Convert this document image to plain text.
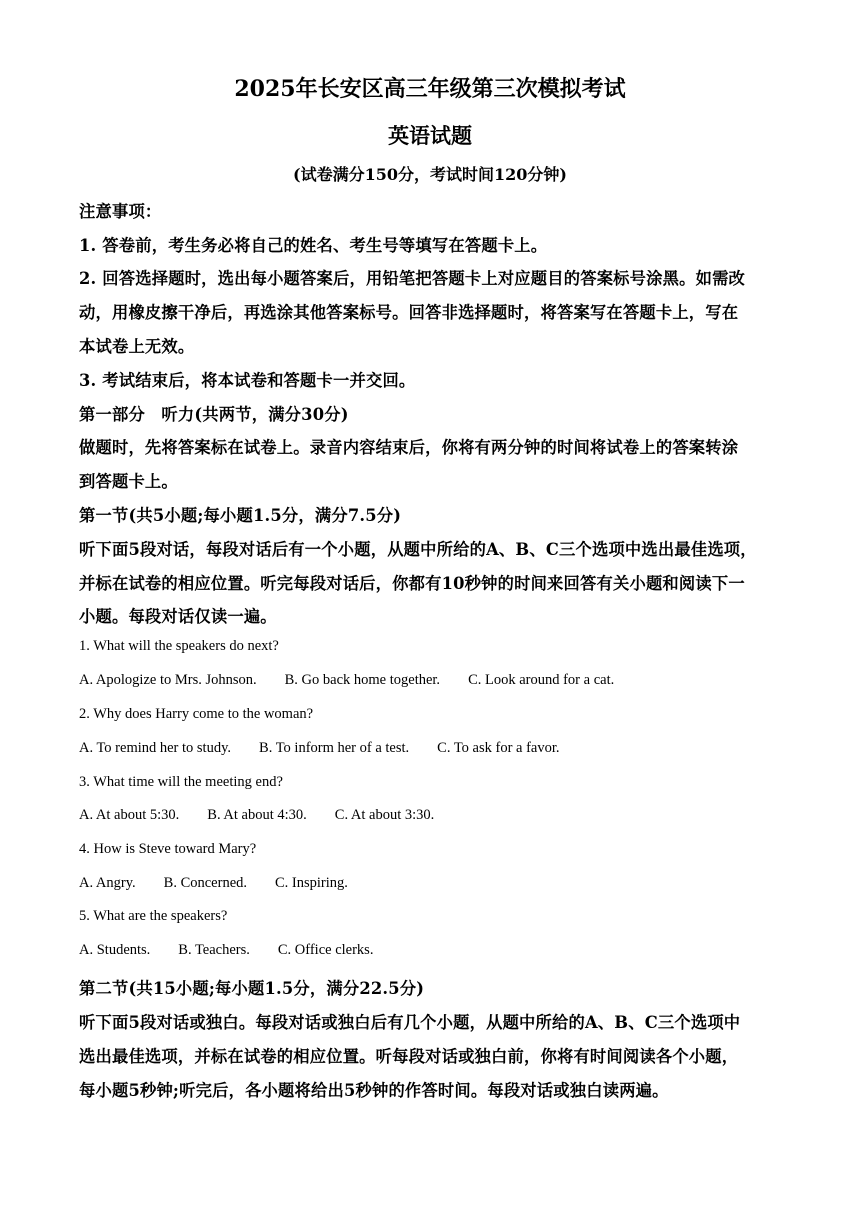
2025年长安区高三年级第三次模拟考试
英语试题
(试卷满分150分，考试时间120分钟)
注意事项：
1. 答卷前，考生务必将自己的姓名、考生号等填写在答题卡上。
2. 回答选择题时，选出每小题答案后，用铅笔把答题卡上对应题目的答案标号涂黑。如需改
动，用橡皮擦干净后，再选涂其他答案标号。回答非选择题时，将答案写在答题卡上，写在
本试卷上无效。
3. 考试结束后，将本试卷和答题卡一并交回。
第一部分　听力(共两节，满分30分)
做题时，先将答案标在试卷上。录音内容结束后，你将有两分钟的时间将试卷上的答案转涂
到答题卡上。
第一节(共5小题;每小题1.5分，满分7.5分)
听下面5段对话，每段对话后有一个小题，从题中所给的A、B、C三个选项中选出最佳选项，
并标在试卷的相应位置。听完每段对话后，你都有10秒钟的时间来回答有关小题和阅读下一
小题。每段对话仅读一遍。
1. What will the speakers do next?
A. Apologize to Mrs. Johnson. B. Go back home together. C. Look around for a cat.
2. Why does Harry come to the woman?
A. To remind her to study. B. To inform her of a test. C. To ask for a favor.
3. What time will the meeting end?
A. At about 5:30. B. At about 4:30. C. At about 3:30.
4. How is Steve toward Mary?
A. Angry. B. Concerned. C. Inspiring.
5. What are the speakers?
A. Students. B. Teachers. C. Office clerks.
第二节(共15小题;每小题1.5分，满分22.5分)
听下面5段对话或独白。每段对话或独白后有几个小题，从题中所给的A、B、C三个选项中
选出最佳选项，并标在试卷的相应位置。听每段对话或独白前，你将有时间阅读各个小题，
每小题5秒钟;听完后，各小题将给出5秒钟的作答时间。每段对话或独白读两遍。
